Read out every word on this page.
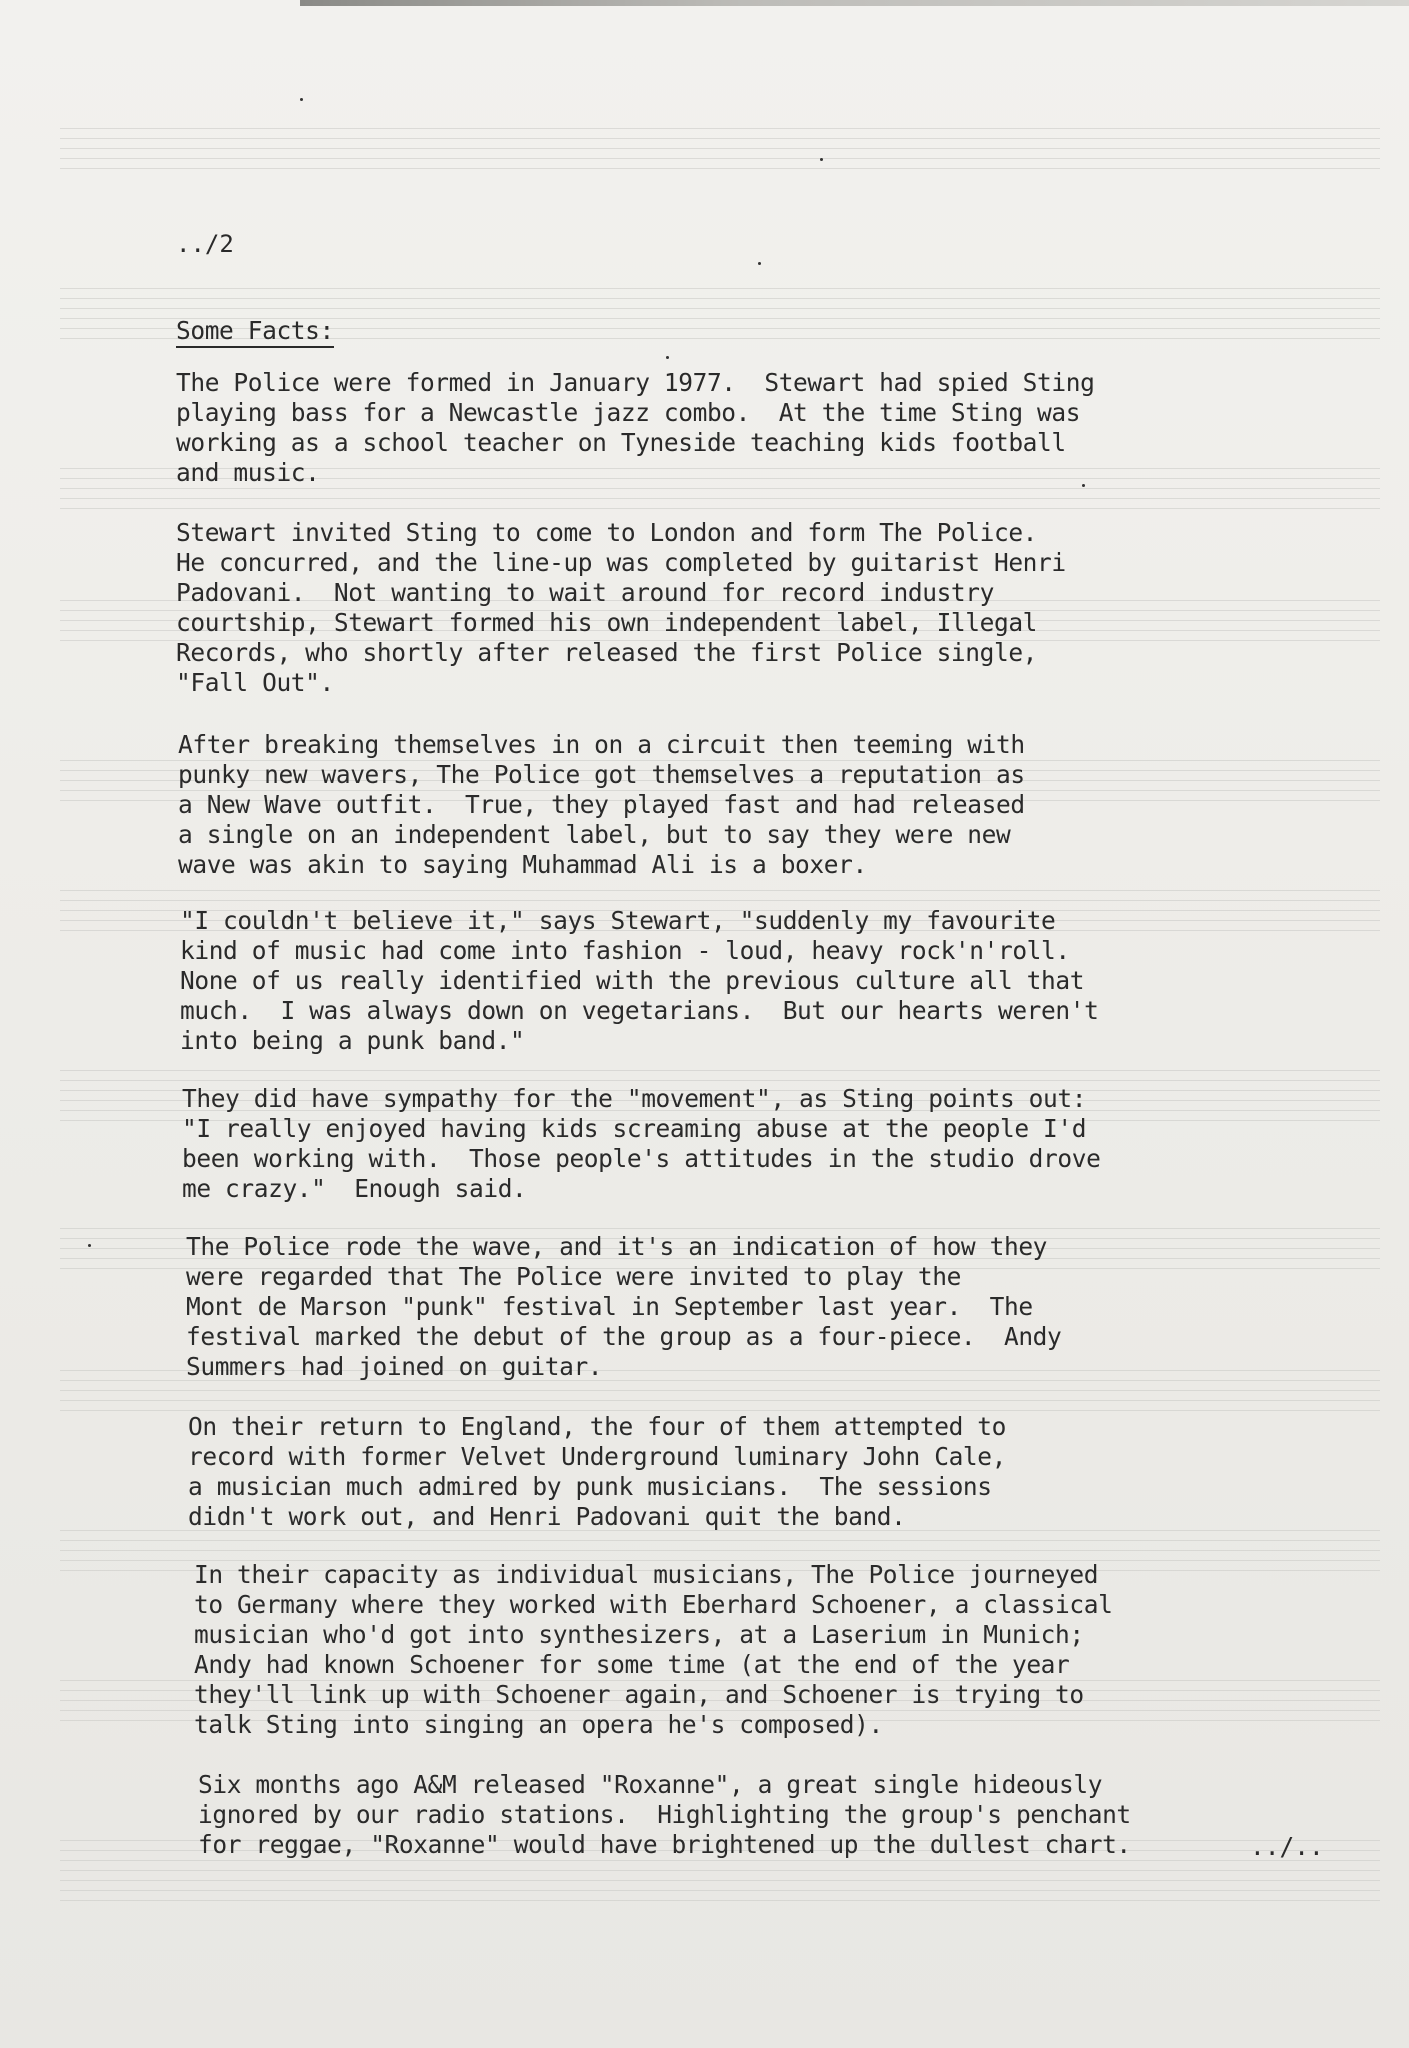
../2
Some Facts:
The Police were formed in January 1977.  Stewart had spied Sting
playing bass for a Newcastle jazz combo.  At the time Sting was
working as a school teacher on Tyneside teaching kids football
and music.
Stewart invited Sting to come to London and form The Police.
He concurred, and the line-up was completed by guitarist Henri
Padovani.  Not wanting to wait around for record industry
courtship, Stewart formed his own independent label, Illegal
Records, who shortly after released the first Police single,
"Fall Out".
After breaking themselves in on a circuit then teeming with
punky new wavers, The Police got themselves a reputation as
a New Wave outfit.  True, they played fast and had released
a single on an independent label, but to say they were new
wave was akin to saying Muhammad Ali is a boxer.
"I couldn't believe it," says Stewart, "suddenly my favourite
kind of music had come into fashion - loud, heavy rock'n'roll.
None of us really identified with the previous culture all that
much.  I was always down on vegetarians.  But our hearts weren't
into being a punk band."
They did have sympathy for the "movement", as Sting points out:
"I really enjoyed having kids screaming abuse at the people I'd
been working with.  Those people's attitudes in the studio drove
me crazy."  Enough said.
The Police rode the wave, and it's an indication of how they
were regarded that The Police were invited to play the
Mont de Marson "punk" festival in September last year.  The
festival marked the debut of the group as a four-piece.  Andy
Summers had joined on guitar.
On their return to England, the four of them attempted to
record with former Velvet Underground luminary John Cale,
a musician much admired by punk musicians.  The sessions
didn't work out, and Henri Padovani quit the band.
In their capacity as individual musicians, The Police journeyed
to Germany where they worked with Eberhard Schoener, a classical
musician who'd got into synthesizers, at a Laserium in Munich;
Andy had known Schoener for some time (at the end of the year
they'll link up with Schoener again, and Schoener is trying to
talk Sting into singing an opera he's composed).
Six months ago A&M released "Roxanne", a great single hideously
ignored by our radio stations.  Highlighting the group's penchant
for reggae, "Roxanne" would have brightened up the dullest chart.	../..
